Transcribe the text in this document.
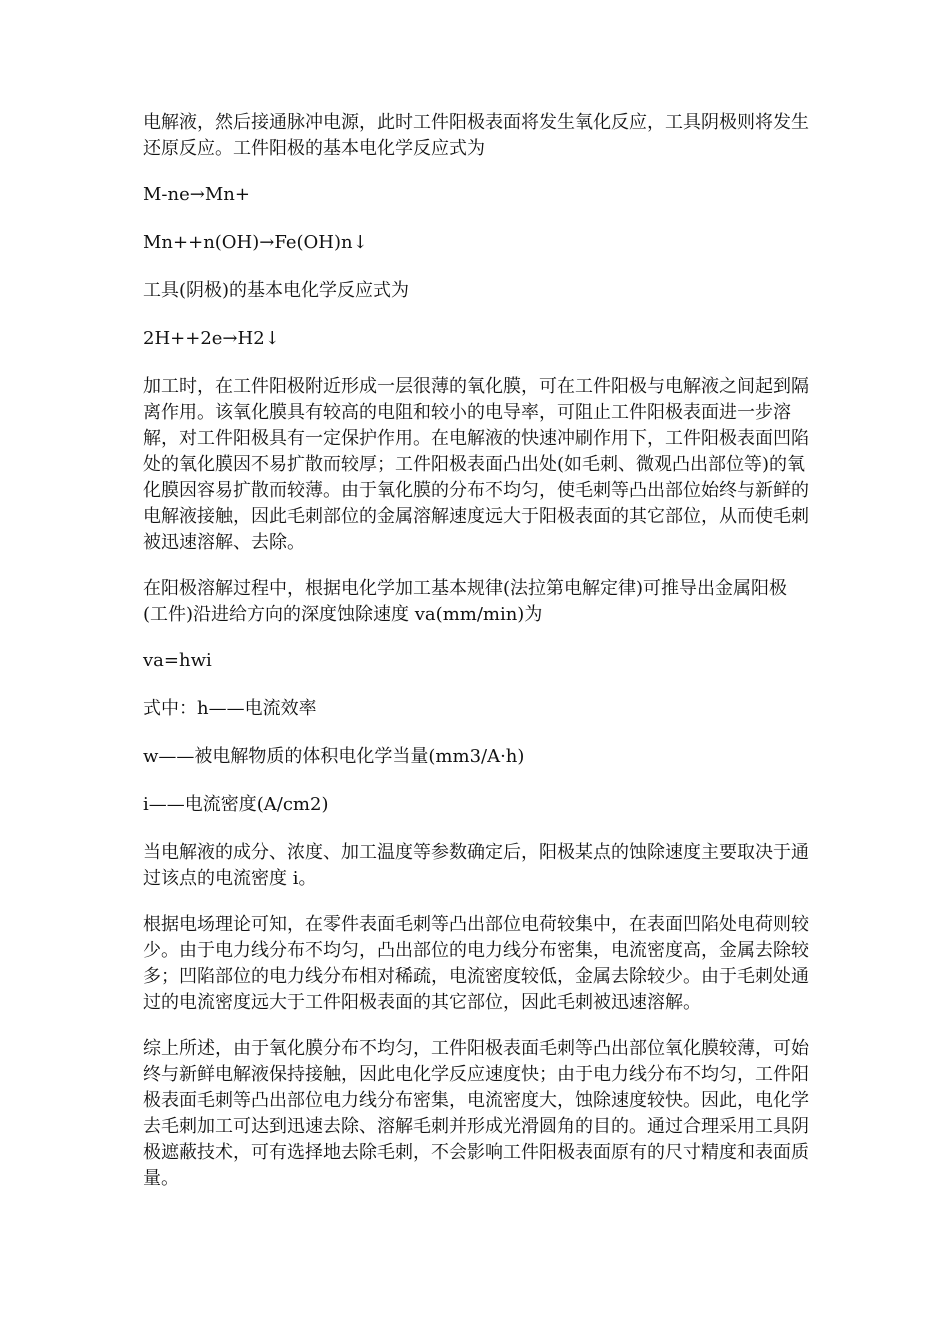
电解液，然后接通脉冲电源，此时工件阳极表面将发生氧化反应，工具阴极则将发生还原反应。工件阳极的基本电化学反应式为

M-ne→Mn+

Mn++n(OH)→Fe(OH)n↓

工具(阴极)的基本电化学反应式为

2H++2e→H2↓

加工时，在工件阳极附近形成一层很薄的氧化膜，可在工件阳极与电解液之间起到隔离作用。该氧化膜具有较高的电阻和较小的电导率，可阻止工件阳极表面进一步溶解，对工件阳极具有一定保护作用。在电解液的快速冲刷作用下，工件阳极表面凹陷处的氧化膜因不易扩散而较厚；工件阳极表面凸出处(如毛刺、微观凸出部位等)的氧化膜因容易扩散而较薄。由于氧化膜的分布不均匀，使毛刺等凸出部位始终与新鲜的电解液接触，因此毛刺部位的金属溶解速度远大于阳极表面的其它部位，从而使毛刺被迅速溶解、去除。

在阳极溶解过程中，根据电化学加工基本规律(法拉第电解定律)可推导出金属阳极(工件)沿进给方向的深度蚀除速度 va(mm/min)为

va=hwi

式中：h——电流效率

w——被电解物质的体积电化学当量(mm3/A·h)

i——电流密度(A/cm2)

当电解液的成分、浓度、加工温度等参数确定后，阳极某点的蚀除速度主要取决于通过该点的电流密度 i。

根据电场理论可知，在零件表面毛刺等凸出部位电荷较集中，在表面凹陷处电荷则较少。由于电力线分布不均匀，凸出部位的电力线分布密集，电流密度高，金属去除较多；凹陷部位的电力线分布相对稀疏，电流密度较低，金属去除较少。由于毛刺处通过的电流密度远大于工件阳极表面的其它部位，因此毛刺被迅速溶解。

综上所述，由于氧化膜分布不均匀，工件阳极表面毛刺等凸出部位氧化膜较薄，可始终与新鲜电解液保持接触，因此电化学反应速度快；由于电力线分布不均匀，工件阳极表面毛刺等凸出部位电力线分布密集，电流密度大，蚀除速度较快。因此，电化学去毛刺加工可达到迅速去除、溶解毛刺并形成光滑圆角的目的。通过合理采用工具阴极遮蔽技术，可有选择地去除毛刺，不会影响工件阳极表面原有的尺寸精度和表面质量。
